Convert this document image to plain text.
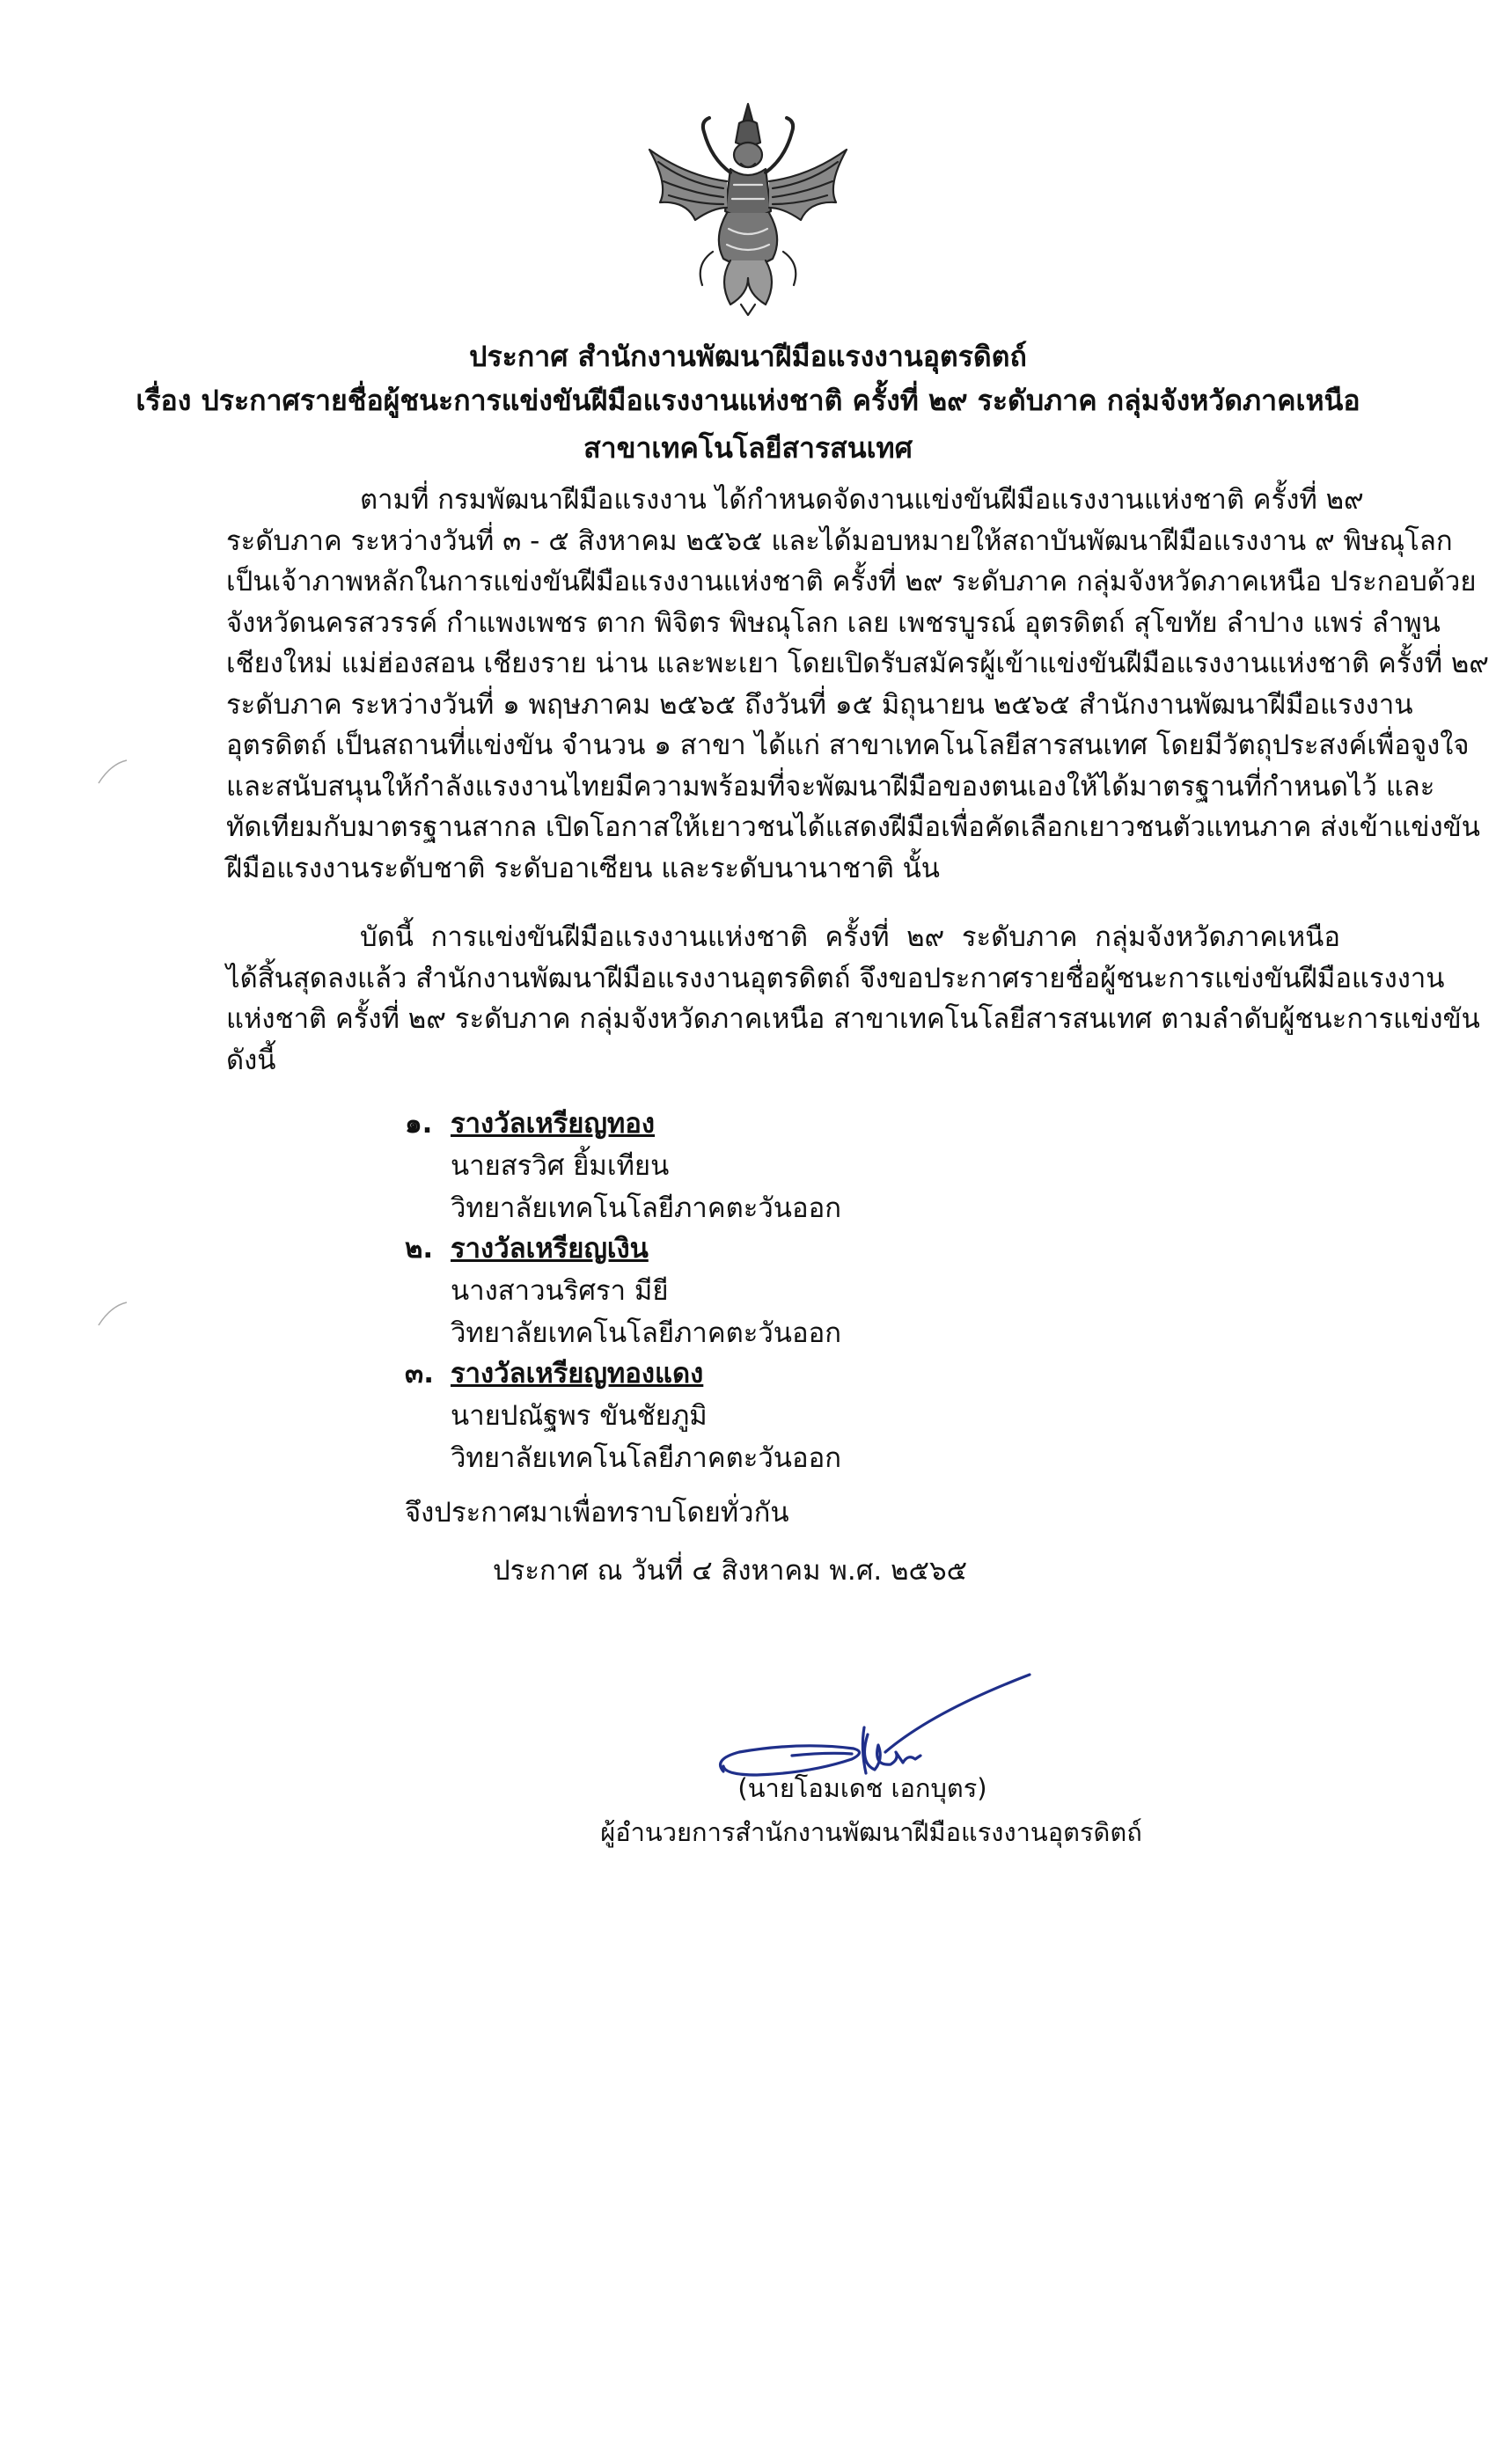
ประกาศ สำนักงานพัฒนาฝีมือแรงงานอุตรดิตถ์
เรื่อง ประกาศรายชื่อผู้ชนะการแข่งขันฝีมือแรงงานแห่งชาติ ครั้งที่ ๒๙ ระดับภาค กลุ่มจังหวัดภาคเหนือ
สาขาเทคโนโลยีสารสนเทศ
ตามที่ กรมพัฒนาฝีมือแรงงาน ได้กำหนดจัดงานแข่งขันฝีมือแรงงานแห่งชาติ ครั้งที่ ๒๙
ระดับภาค ระหว่างวันที่ ๓ - ๕ สิงหาคม ๒๕๖๕ และได้มอบหมายให้สถาบันพัฒนาฝีมือแรงงาน ๙ พิษณุโลก
เป็นเจ้าภาพหลักในการแข่งขันฝีมือแรงงานแห่งชาติ ครั้งที่ ๒๙ ระดับภาค กลุ่มจังหวัดภาคเหนือ ประกอบด้วย
จังหวัดนครสวรรค์ กำแพงเพชร ตาก พิจิตร พิษณุโลก เลย เพชรบูรณ์ อุตรดิตถ์ สุโขทัย ลำปาง แพร่ ลำพูน
เชียงใหม่ แม่ฮ่องสอน เชียงราย น่าน และพะเยา โดยเปิดรับสมัครผู้เข้าแข่งขันฝีมือแรงงานแห่งชาติ ครั้งที่ ๒๙
ระดับภาค ระหว่างวันที่ ๑ พฤษภาคม ๒๕๖๕ ถึงวันที่ ๑๕ มิถุนายน ๒๕๖๕ สำนักงานพัฒนาฝีมือแรงงาน
อุตรดิตถ์ เป็นสถานที่แข่งขัน จำนวน ๑ สาขา ได้แก่ สาขาเทคโนโลยีสารสนเทศ โดยมีวัตถุประสงค์เพื่อจูงใจ
และสนับสนุนให้กำลังแรงงานไทยมีความพร้อมที่จะพัฒนาฝีมือของตนเองให้ได้มาตรฐานที่กำหนดไว้ และ
ทัดเทียมกับมาตรฐานสากล เปิดโอกาสให้เยาวชนได้แสดงฝีมือเพื่อคัดเลือกเยาวชนตัวแทนภาค ส่งเข้าแข่งขัน
ฝีมือแรงงานระดับชาติ ระดับอาเซียน และระดับนานาชาติ นั้น
บัดนี้ การแข่งขันฝีมือแรงงานแห่งชาติ ครั้งที่ ๒๙ ระดับภาค กลุ่มจังหวัดภาคเหนือ
ได้สิ้นสุดลงแล้ว สำนักงานพัฒนาฝีมือแรงงานอุตรดิตถ์ จึงขอประกาศรายชื่อผู้ชนะการแข่งขันฝีมือแรงงาน
แห่งชาติ ครั้งที่ ๒๙ ระดับภาค กลุ่มจังหวัดภาคเหนือ สาขาเทคโนโลยีสารสนเทศ ตามลำดับผู้ชนะการแข่งขัน
ดังนี้
๑. รางวัลเหรียญทอง
นายสรวิศ ยิ้มเทียน
วิทยาลัยเทคโนโลยีภาคตะวันออก
๒. รางวัลเหรียญเงิน
นางสาวนริศรา มียี
วิทยาลัยเทคโนโลยีภาคตะวันออก
๓. รางวัลเหรียญทองแดง
นายปณัฐพร ขันชัยภูมิ
วิทยาลัยเทคโนโลยีภาคตะวันออก
จึงประกาศมาเพื่อทราบโดยทั่วกัน
ประกาศ ณ วันที่ ๔ สิงหาคม พ.ศ. ๒๕๖๕
(นายโอมเดช เอกบุตร)
ผู้อำนวยการสำนักงานพัฒนาฝีมือแรงงานอุตรดิตถ์
